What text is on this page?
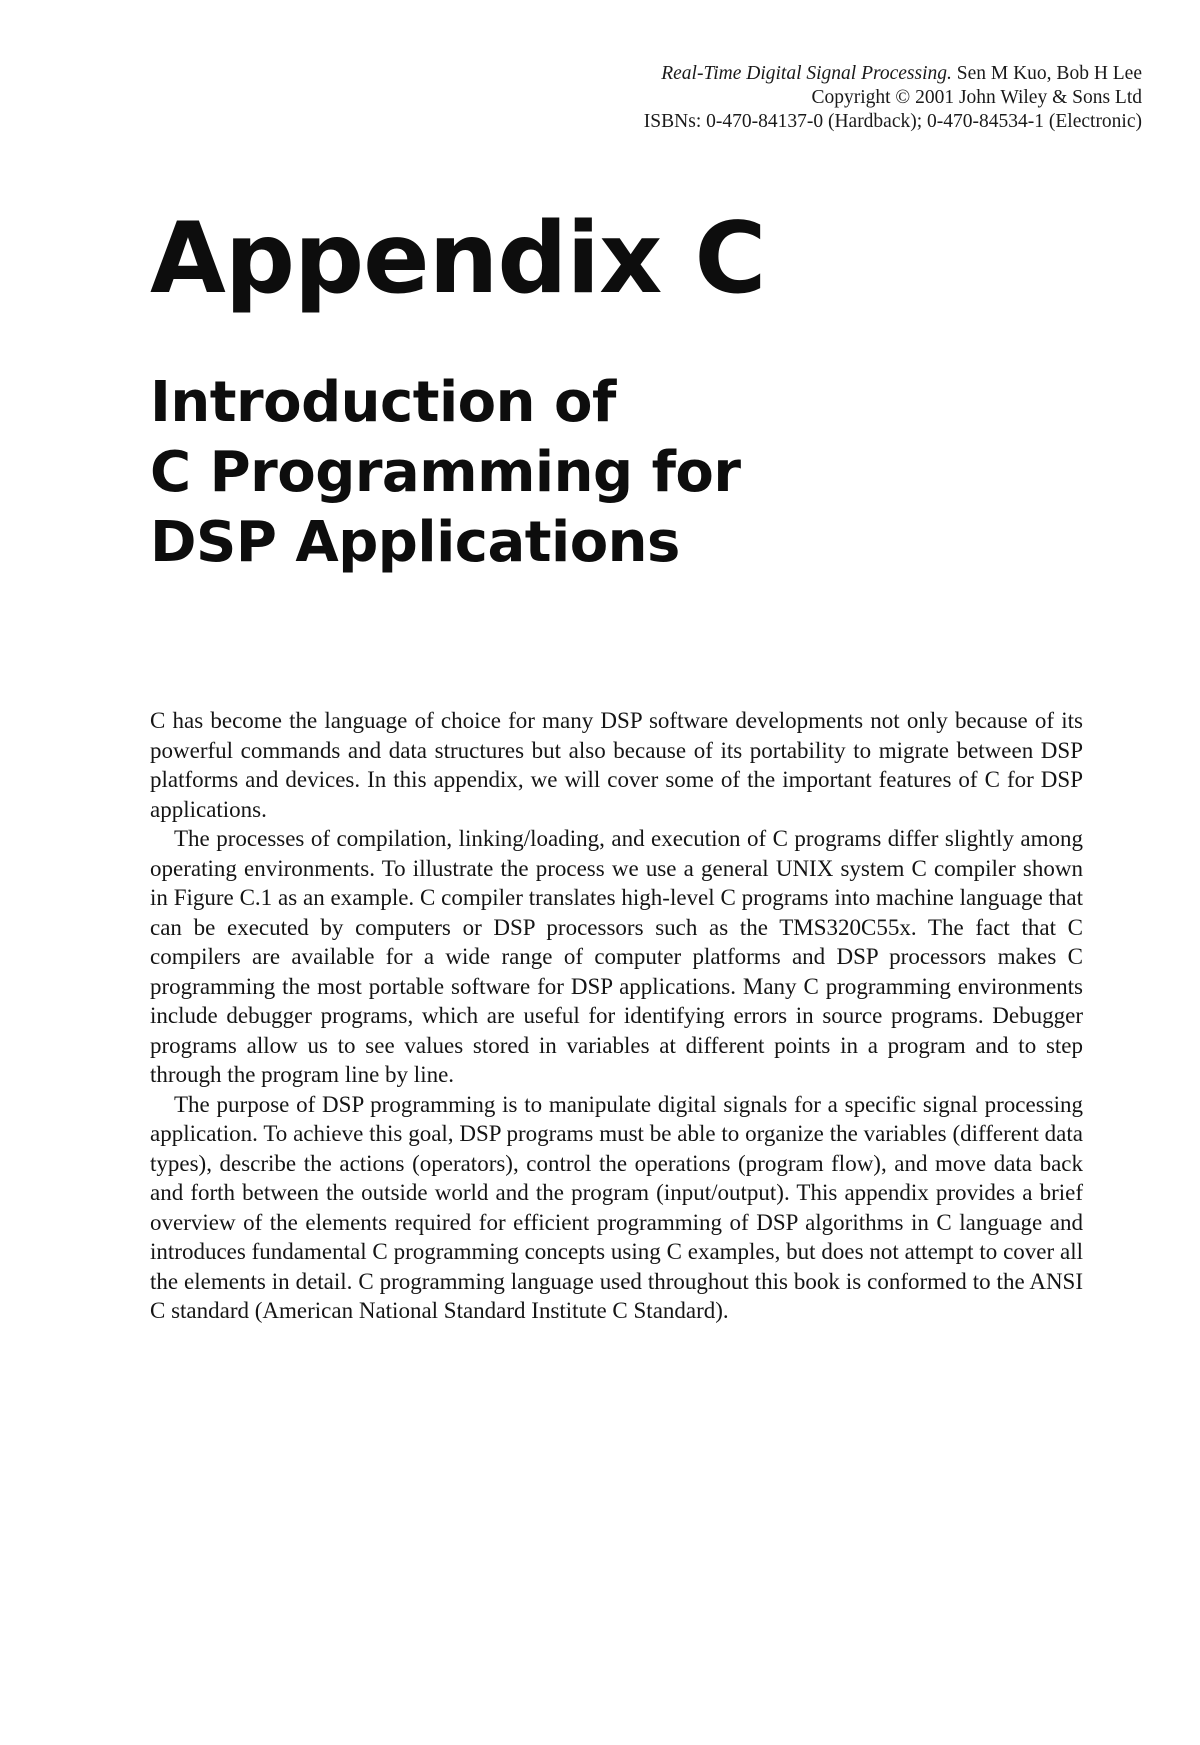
Real-Time Digital Signal Processing. Sen M Kuo, Bob H Lee
Copyright © 2001 John Wiley & Sons Ltd
ISBNs: 0-470-84137-0 (Hardback); 0-470-84534-1 (Electronic)
Appendix C
Introduction of
C Programming for
DSP Applications

C has become the language of choice for many DSP software developments not only because of its powerful commands and data structures but also because of its portability to migrate between DSP platforms and devices. In this appendix, we will cover some of the important features of C for DSP applications.

The processes of compilation, linking/loading, and execution of C programs differ slightly among operating environments. To illustrate the process we use a general UNIX system C compiler shown in Figure C.1 as an example. C compiler translates high-level C programs into machine language that can be executed by computers or DSP processors such as the TMS320C55x. The fact that C compilers are available for a wide range of computer platforms and DSP processors makes C programming the most portable software for DSP applications. Many C programming environments include debugger programs, which are useful for identifying errors in source programs. Debugger programs allow us to see values stored in variables at different points in a program and to step through the program line by line.

The purpose of DSP programming is to manipulate digital signals for a specific signal processing application. To achieve this goal, DSP programs must be able to organize the variables (different data types), describe the actions (operators), control the operations (program flow), and move data back and forth between the outside world and the program (input/output). This appendix provides a brief overview of the elements required for efficient programming of DSP algorithms in C language and introduces fundamental C programming concepts using C examples, but does not attempt to cover all the elements in detail. C programming language used throughout this book is conformed to the ANSI C standard (American National Standard Institute C Standard).
